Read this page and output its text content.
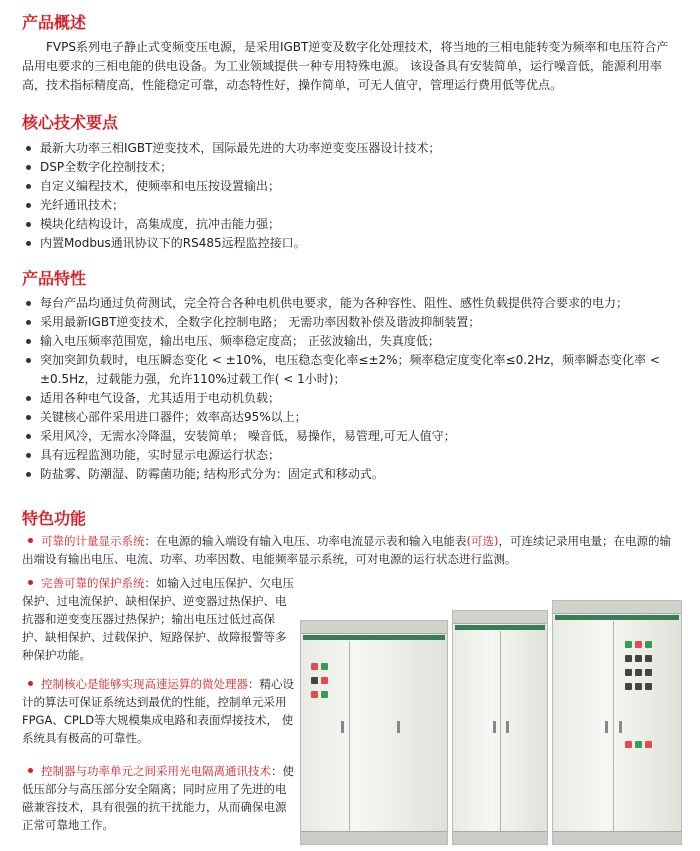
产品概述

FVPS系列电子静止式变频变压电源，是采用IGBT逆变及数字化处理技术，将当地的三相电能转变为频率和电压符合产品用电要求的三相电能的供电设备。为工业领域提供一种专用特殊电源。 该设备具有安装简单，运行噪音低，能源利用率高，技术指标精度高，性能稳定可靠，动态特性好，操作简单，可无人值守，管理运行费用低等优点。

核心技术要点
最新大功率三相IGBT逆变技术，国际最先进的大功率逆变变压器设计技术；
DSP全数字化控制技术；
自定义编程技术，使频率和电压按设置输出；
光纤通讯技术；
模块化结构设计，高集成度，抗冲击能力强；
内置Modbus通讯协议下的RS485远程监控接口。
产品特性
每台产品均通过负荷测试，完全符合各种电机供电要求，能为各种容性、阻性、感性负载提供符合要求的电力；
采用最新IGBT逆变技术，全数字化控制电路； 无需功率因数补偿及谐波抑制装置；
输入电压频率范围宽，输出电压、频率稳定度高； 正弦波输出，失真度低；
突加突卸负载时，电压瞬态变化 < ±10%，电压稳态变化率≤±2%；频率稳定度变化率≤0.2Hz，频率瞬态变化率 < ±0.5Hz，过载能力强，允许110%过载工作( < 1小时)；
适用各种电气设备，尤其适用于电动机负载；
关键核心部件采用进口器件；效率高达95%以上；
采用风冷，无需水冷降温，安装简单； 噪音低，易操作，易管理,可无人值守；
具有远程监测功能，实时显示电源运行状态；
防盐雾、防潮湿、防霉菌功能; 结构形式分为：固定式和移动式。
特色功能

可靠的计量显示系统：在电源的输入端设有输入电压、功率电流显示表和输入电能表(可选)，可连续记录用电量；在电源的输出端设有输出电压、电流、功率、功率因数、电能频率显示系统，可对电源的运行状态进行监测。

完善可靠的保护系统：如输入过电压保护、欠电压保护、过电流保护、缺相保护、逆变器过热保护、电抗器和逆变变压器过热保护；输出电压过低过高保护、缺相保护、过载保护、短路保护、故障报警等多种保护功能。

控制核心是能够实现高速运算的微处理器：精心设计的算法可保证系统达到最优的性能，控制单元采用FPGA、CPLD等大规模集成电路和表面焊接技术， 使系统具有极高的可靠性。

控制器与功率单元之间采用光电隔离通讯技术：使低压部分与高压部分安全隔离；同时应用了先进的电磁兼容技术，具有很强的抗干扰能力，从而确保电源正常可靠地工作。
